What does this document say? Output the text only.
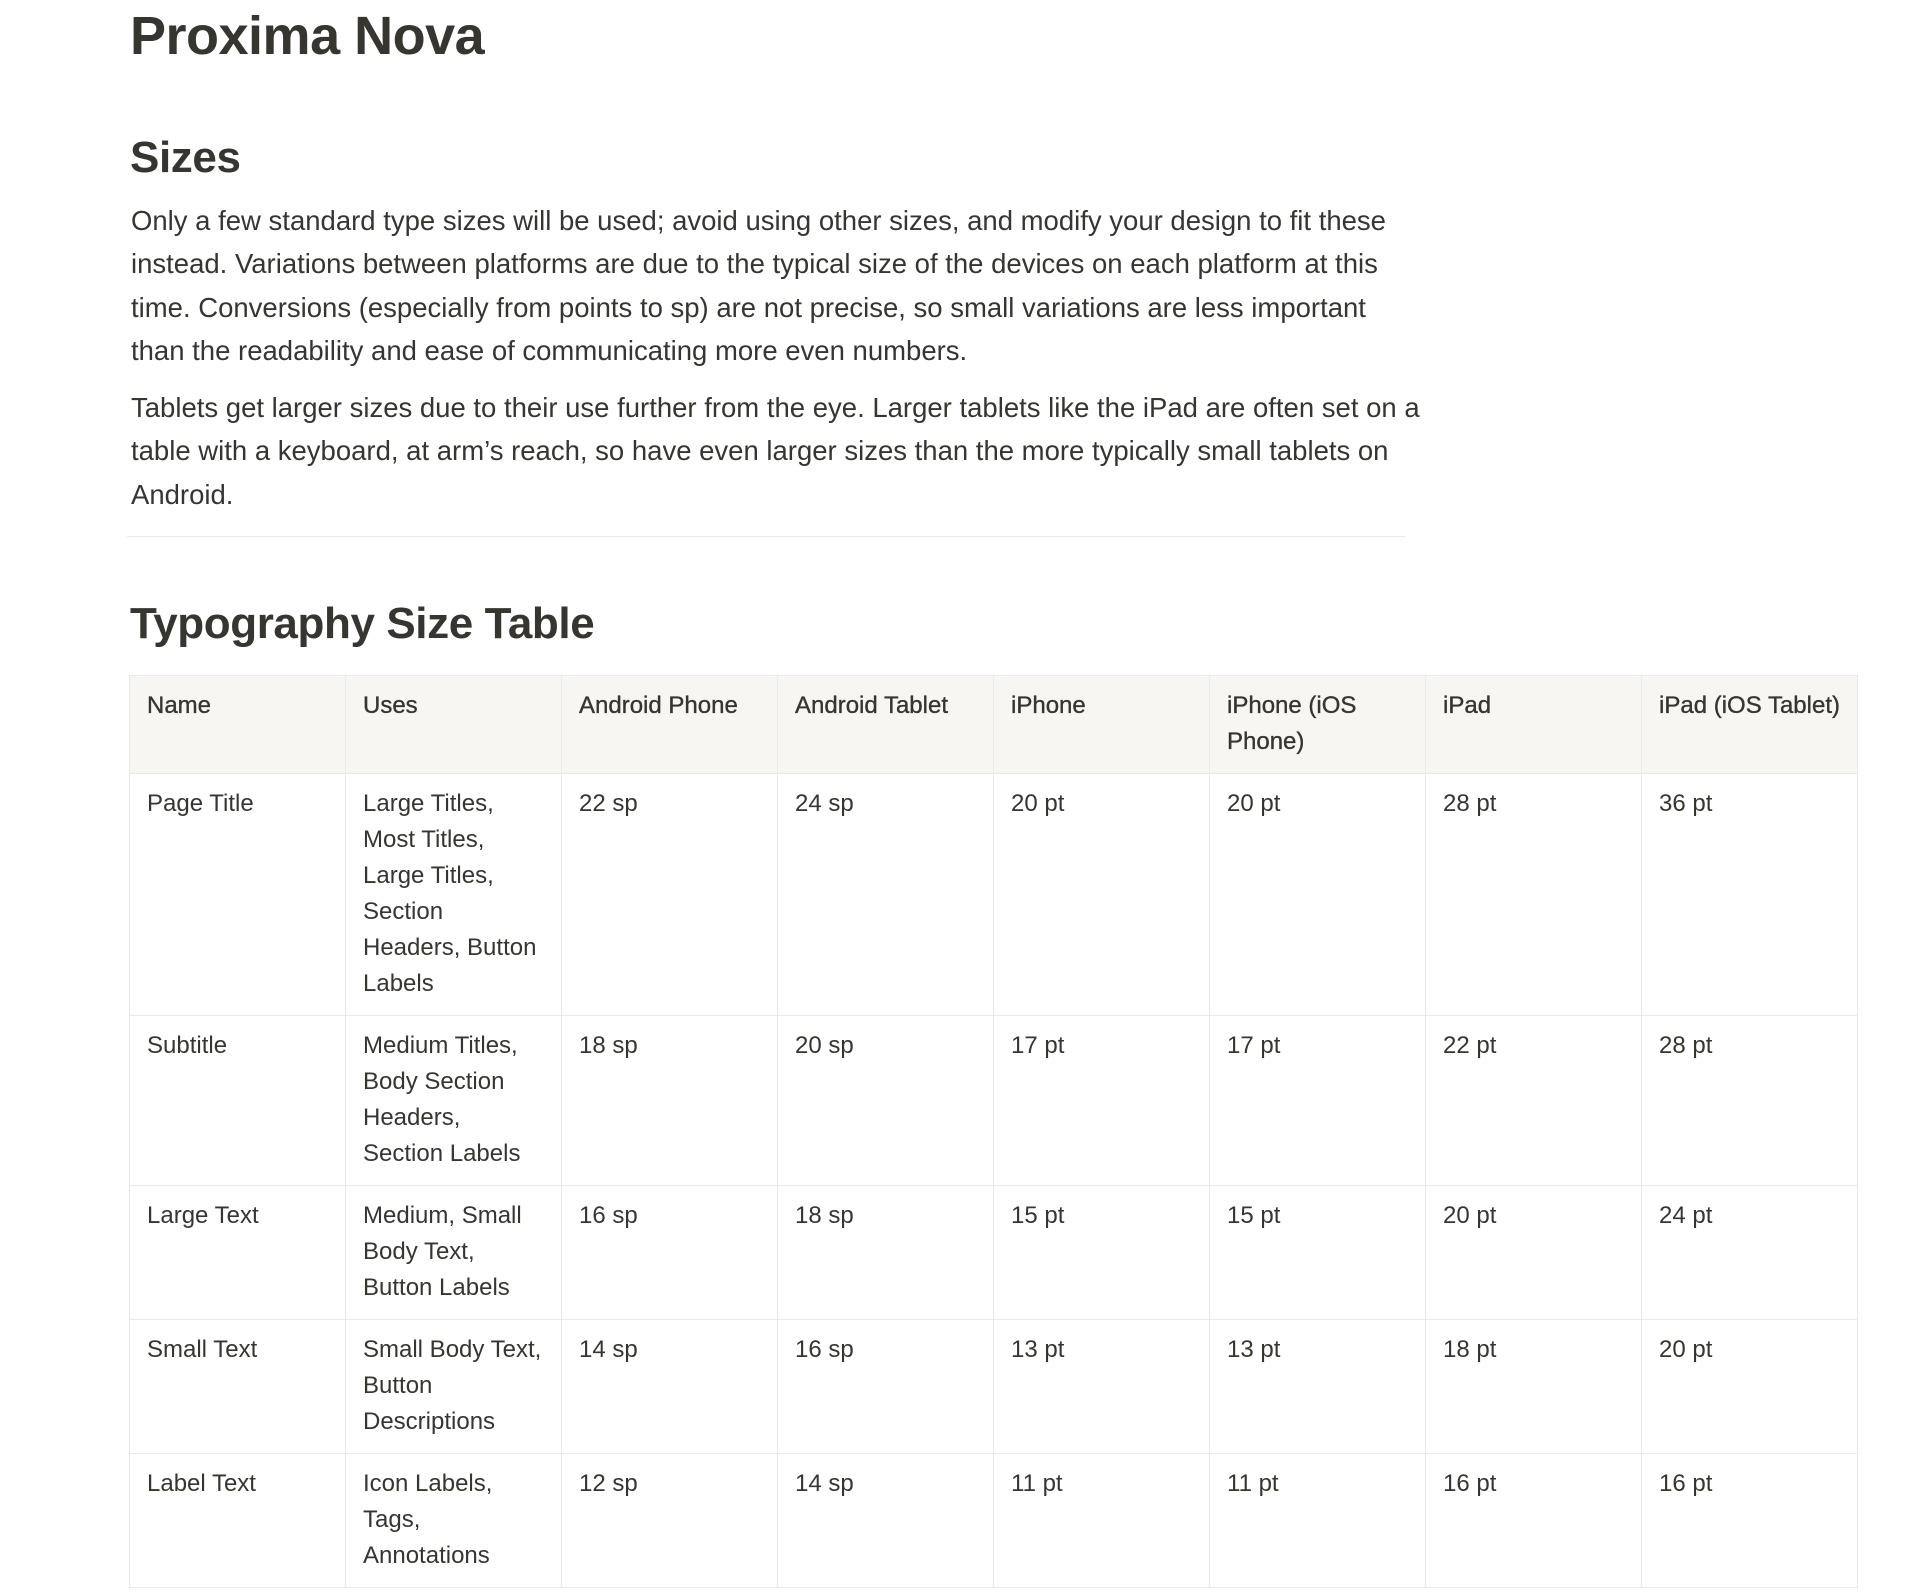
Proxima Nova
Sizes

Only a few standard type sizes will be used; avoid using other sizes, and modify your design to fit these instead. Variations between platforms are due to the typical size of the devices on each platform at this time. Conversions (especially from points to sp) are not precise, so small variations are less important than the readability and ease of communicating more even numbers.

Tablets get larger sizes due to their use further from the eye. Larger tablets like the iPad are often set on a table with a keyboard, at arm’s reach, so have even larger sizes than the more typically small tablets on Android.

Typography Size Table
Name	Uses	Android Phone	Android Tablet	iPhone	iPhone (iOS Phone)	iPad	iPad (iOS Tablet)
Page Title	Large Titles, Most Titles, Large Titles, Section Headers, Button Labels	22 sp	24 sp	20 pt	20 pt	28 pt	36 pt
Subtitle	Medium Titles, Body Section Headers, Section Labels	18 sp	20 sp	17 pt	17 pt	22 pt	28 pt
Large Text	Medium, Small Body Text, Button Labels	16 sp	18 sp	15 pt	15 pt	20 pt	24 pt
Small Text	Small Body Text, Button Descriptions	14 sp	16 sp	13 pt	13 pt	18 pt	20 pt
Label Text	Icon Labels, Tags, Annotations	12 sp	14 sp	11 pt	11 pt	16 pt	16 pt
